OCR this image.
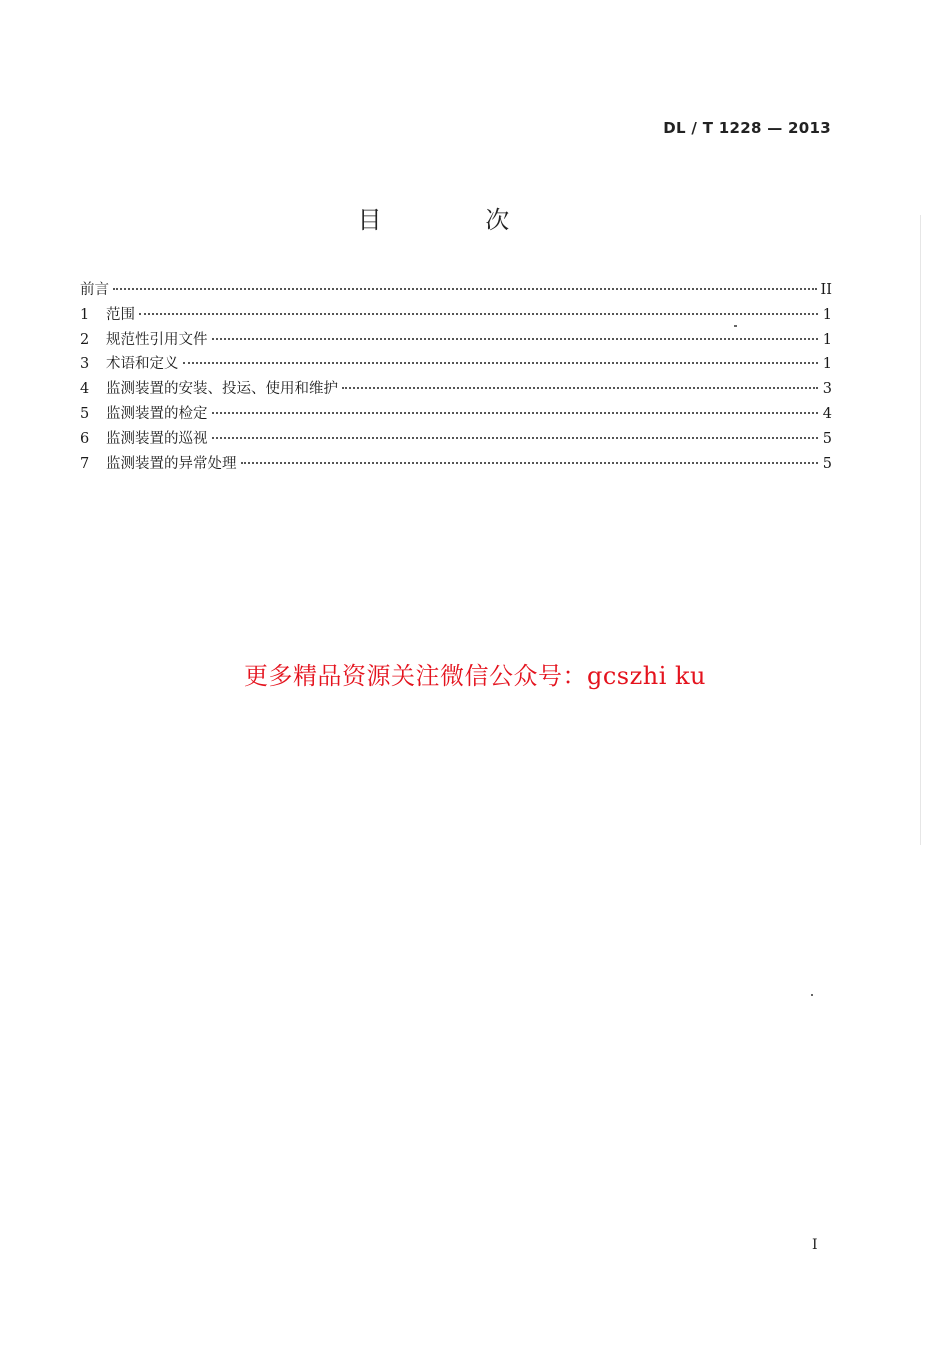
DL / T 1228 — 2013
目 次
前言	II
1	范围	1
2	规范性引用文件	1
3	术语和定义	1
4	监测装置的安装、投运、使用和维护	3
5	监测装置的检定	4
6	监测装置的巡视	5
7	监测装置的异常处理	5
更多精品资源关注微信公众号：gcszhi ku
I
